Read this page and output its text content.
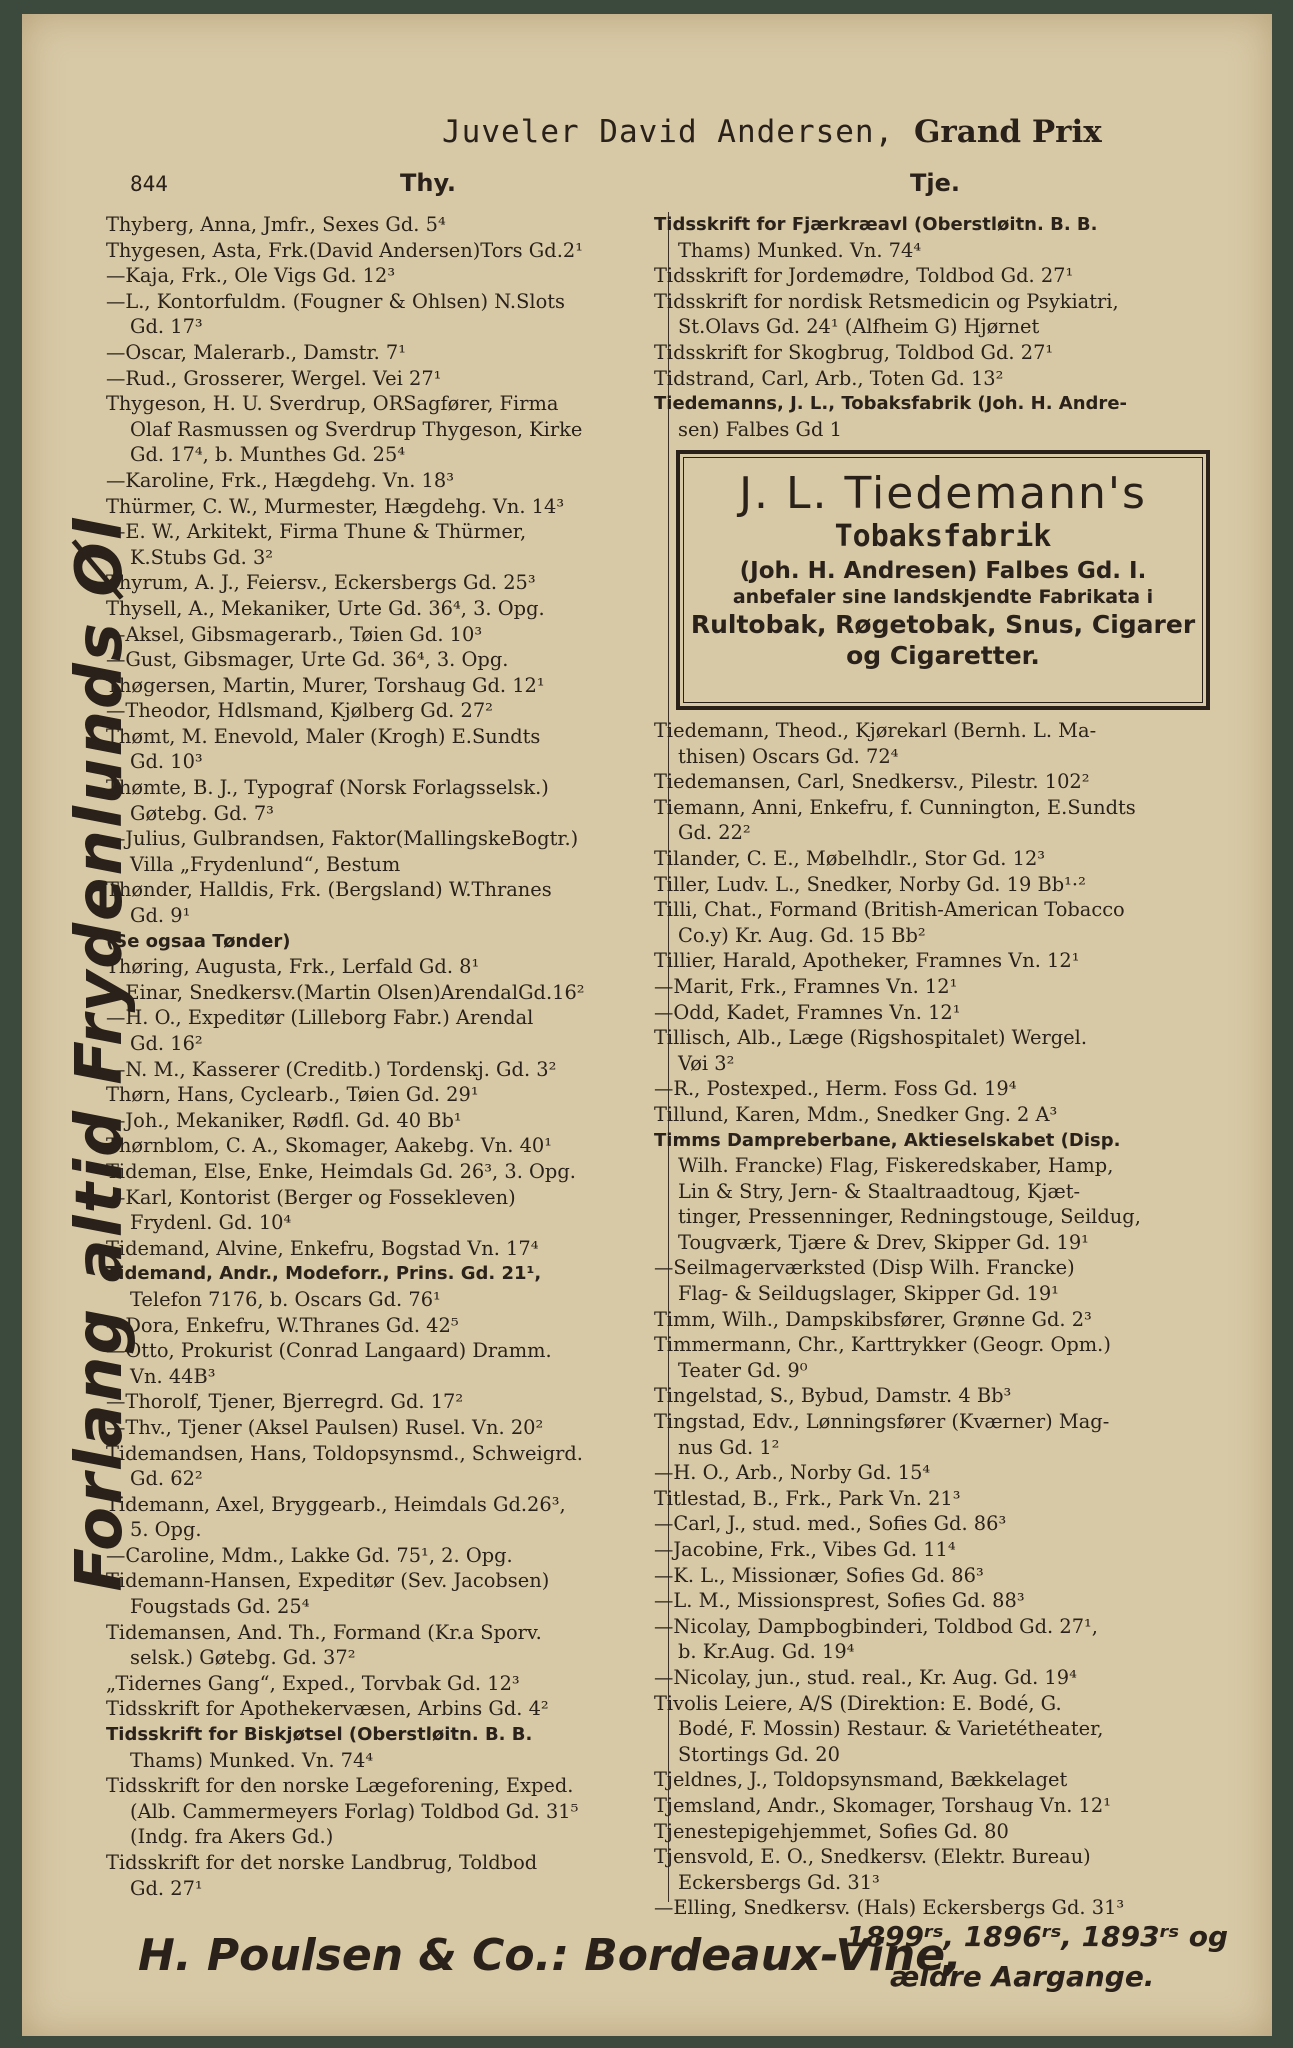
Juveler David Andersen, Grand Prix
844	Thy.	Tje.
Forlang altid Frydenlunds Øl
Thyberg, Anna, Jmfr., Sexes Gd. 5⁴
Thygesen, Asta, Frk.(David Andersen)Tors Gd.2¹
—Kaja, Frk., Ole Vigs Gd. 12³
—L., Kontorfuldm. (Fougner & Ohlsen) N.Slots
Gd. 17³
—Oscar, Malerarb., Damstr. 7¹
—Rud., Grosserer, Wergel. Vei 27¹
Thygeson, H. U. Sverdrup, ORSagfører, Firma
Olaf Rasmussen og Sverdrup Thygeson, Kirke
Gd. 17⁴, b. Munthes Gd. 25⁴
—Karoline, Frk., Hægdehg. Vn. 18³
Thürmer, C. W., Murmester, Hægdehg. Vn. 14³
—E. W., Arkitekt, Firma Thune & Thürmer,
K.Stubs Gd. 3²
Thyrum, A. J., Feiersv., Eckersbergs Gd. 25³
Thysell, A., Mekaniker, Urte Gd. 36⁴, 3. Opg.
—Aksel, Gibsmagerarb., Tøien Gd. 10³
—Gust, Gibsmager, Urte Gd. 36⁴, 3. Opg.
Thøgersen, Martin, Murer, Torshaug Gd. 12¹
—Theodor, Hdlsmand, Kjølberg Gd. 27²
Thømt, M. Enevold, Maler (Krogh) E.Sundts
Gd. 10³
Thømte, B. J., Typograf (Norsk Forlagsselsk.)
Gøtebg. Gd. 7³
—Julius, Gulbrandsen, Faktor(MallingskeBogtr.)
Villa „Frydenlund“, Bestum
Thønder, Halldis, Frk. (Bergsland) W.Thranes
Gd. 9¹
(Se ogsaa Tønder)
Thøring, Augusta, Frk., Lerfald Gd. 8¹
—Einar, Snedkersv.(Martin Olsen)ArendalGd.16²
—H. O., Expeditør (Lilleborg Fabr.) Arendal
Gd. 16²
—N. M., Kasserer (Creditb.) Tordenskj. Gd. 3²
Thørn, Hans, Cyclearb., Tøien Gd. 29¹
—Joh., Mekaniker, Rødfl. Gd. 40 Bb¹
Thørnblom, C. A., Skomager, Aakebg. Vn. 40¹
Tideman, Else, Enke, Heimdals Gd. 26³, 3. Opg.
—Karl, Kontorist (Berger og Fossekleven)
Frydenl. Gd. 10⁴
Tidemand, Alvine, Enkefru, Bogstad Vn. 17⁴
Tidemand, Andr., Modeforr., Prins. Gd. 21¹,
Telefon 7176, b. Oscars Gd. 76¹
—Dora, Enkefru, W.Thranes Gd. 42⁵
—Otto, Prokurist (Conrad Langaard) Dramm.
Vn. 44B³
—Thorolf, Tjener, Bjerregrd. Gd. 17²
—Thv., Tjener (Aksel Paulsen) Rusel. Vn. 20²
Tidemandsen, Hans, Toldopsynsmd., Schweigrd.
Gd. 62²
Tidemann, Axel, Bryggearb., Heimdals Gd.26³,
5. Opg.
—Caroline, Mdm., Lakke Gd. 75¹, 2. Opg.
Tidemann-Hansen, Expeditør (Sev. Jacobsen)
Fougstads Gd. 25⁴
Tidemansen, And. Th., Formand (Kr.a Sporv.
selsk.) Gøtebg. Gd. 37²
„Tidernes Gang“, Exped., Torvbak Gd. 12³
Tidsskrift for Apothekervæsen, Arbins Gd. 4²
Tidsskrift for Biskjøtsel (Oberstløitn. B. B.
Thams) Munked. Vn. 74⁴
Tidsskrift for den norske Lægeforening, Exped.
(Alb. Cammermeyers Forlag) Toldbod Gd. 31⁵
(Indg. fra Akers Gd.)
Tidsskrift for det norske Landbrug, Toldbod
Gd. 27¹
Tidsskrift for Fjærkræavl (Oberstløitn. B. B.
Thams) Munked. Vn. 74⁴
Tidsskrift for Jordemødre, Toldbod Gd. 27¹
Tidsskrift for nordisk Retsmedicin og Psykiatri,
St.Olavs Gd. 24¹ (Alfheim G) Hjørnet
Tidsskrift for Skogbrug, Toldbod Gd. 27¹
Tidstrand, Carl, Arb., Toten Gd. 13²
Tiedemanns, J. L., Tobaksfabrik (Joh. H. Andre-
sen) Falbes Gd 1
J. L. Tiedemann's
Tobaksfabrik
(Joh. H. Andresen) Falbes Gd. I.
anbefaler sine landskjendte Fabrikata i
Rultobak, Røgetobak, Snus, Cigarer
og Cigaretter.
Tiedemann, Theod., Kjørekarl (Bernh. L. Ma-
thisen) Oscars Gd. 72⁴
Tiedemansen, Carl, Snedkersv., Pilestr. 102²
Tiemann, Anni, Enkefru, f. Cunnington, E.Sundts
Gd. 22²
Tilander, C. E., Møbelhdlr., Stor Gd. 12³
Tiller, Ludv. L., Snedker, Norby Gd. 19 Bb¹·²
Tilli, Chat., Formand (British-American Tobacco
Co.y) Kr. Aug. Gd. 15 Bb²
Tillier, Harald, Apotheker, Framnes Vn. 12¹
—Marit, Frk., Framnes Vn. 12¹
—Odd, Kadet, Framnes Vn. 12¹
Tillisch, Alb., Læge (Rigshospitalet) Wergel.
Vøi 3²
—R., Postexped., Herm. Foss Gd. 19⁴
Tillund, Karen, Mdm., Snedker Gng. 2 A³
Timms Dampreberbane, Aktieselskabet (Disp.
Wilh. Francke) Flag, Fiskeredskaber, Hamp,
Lin & Stry, Jern- & Staaltraadtoug, Kjæt-
tinger, Pressenninger, Redningstouge, Seildug,
Tougværk, Tjære & Drev, Skipper Gd. 19¹
—Seilmagerværksted (Disp Wilh. Francke)
Flag- & Seildugslager, Skipper Gd. 19¹
Timm, Wilh., Dampskibsfører, Grønne Gd. 2³
Timmermann, Chr., Karttrykker (Geogr. Opm.)
Teater Gd. 9⁰
Tingelstad, S., Bybud, Damstr. 4 Bb³
Tingstad, Edv., Lønningsfører (Kværner) Mag-
nus Gd. 1²
—H. O., Arb., Norby Gd. 15⁴
Titlestad, B., Frk., Park Vn. 21³
—Carl, J., stud. med., Sofies Gd. 86³
—Jacobine, Frk., Vibes Gd. 11⁴
—K. L., Missionær, Sofies Gd. 86³
—L. M., Missionsprest, Sofies Gd. 88³
—Nicolay, Dampbogbinderi, Toldbod Gd. 27¹,
b. Kr.Aug. Gd. 19⁴
—Nicolay, jun., stud. real., Kr. Aug. Gd. 19⁴
Tivolis Leiere, A/S (Direktion: E. Bodé, G.
Bodé, F. Mossin) Restaur. & Varietétheater,
Stortings Gd. 20
Tjeldnes, J., Toldopsynsmand, Bækkelaget
Tjemsland, Andr., Skomager, Torshaug Vn. 12¹
Tjenestepigehjemmet, Sofies Gd. 80
Tjensvold, E. O., Snedkersv. (Elektr. Bureau)
Eckersbergs Gd. 31³
—Elling, Snedkersv. (Hals) Eckersbergs Gd. 31³
H. Poulsen & Co.: Bordeaux-Vine,
1899ʳˢ, 1896ʳˢ, 1893ʳˢ og
ældre Aargange.
